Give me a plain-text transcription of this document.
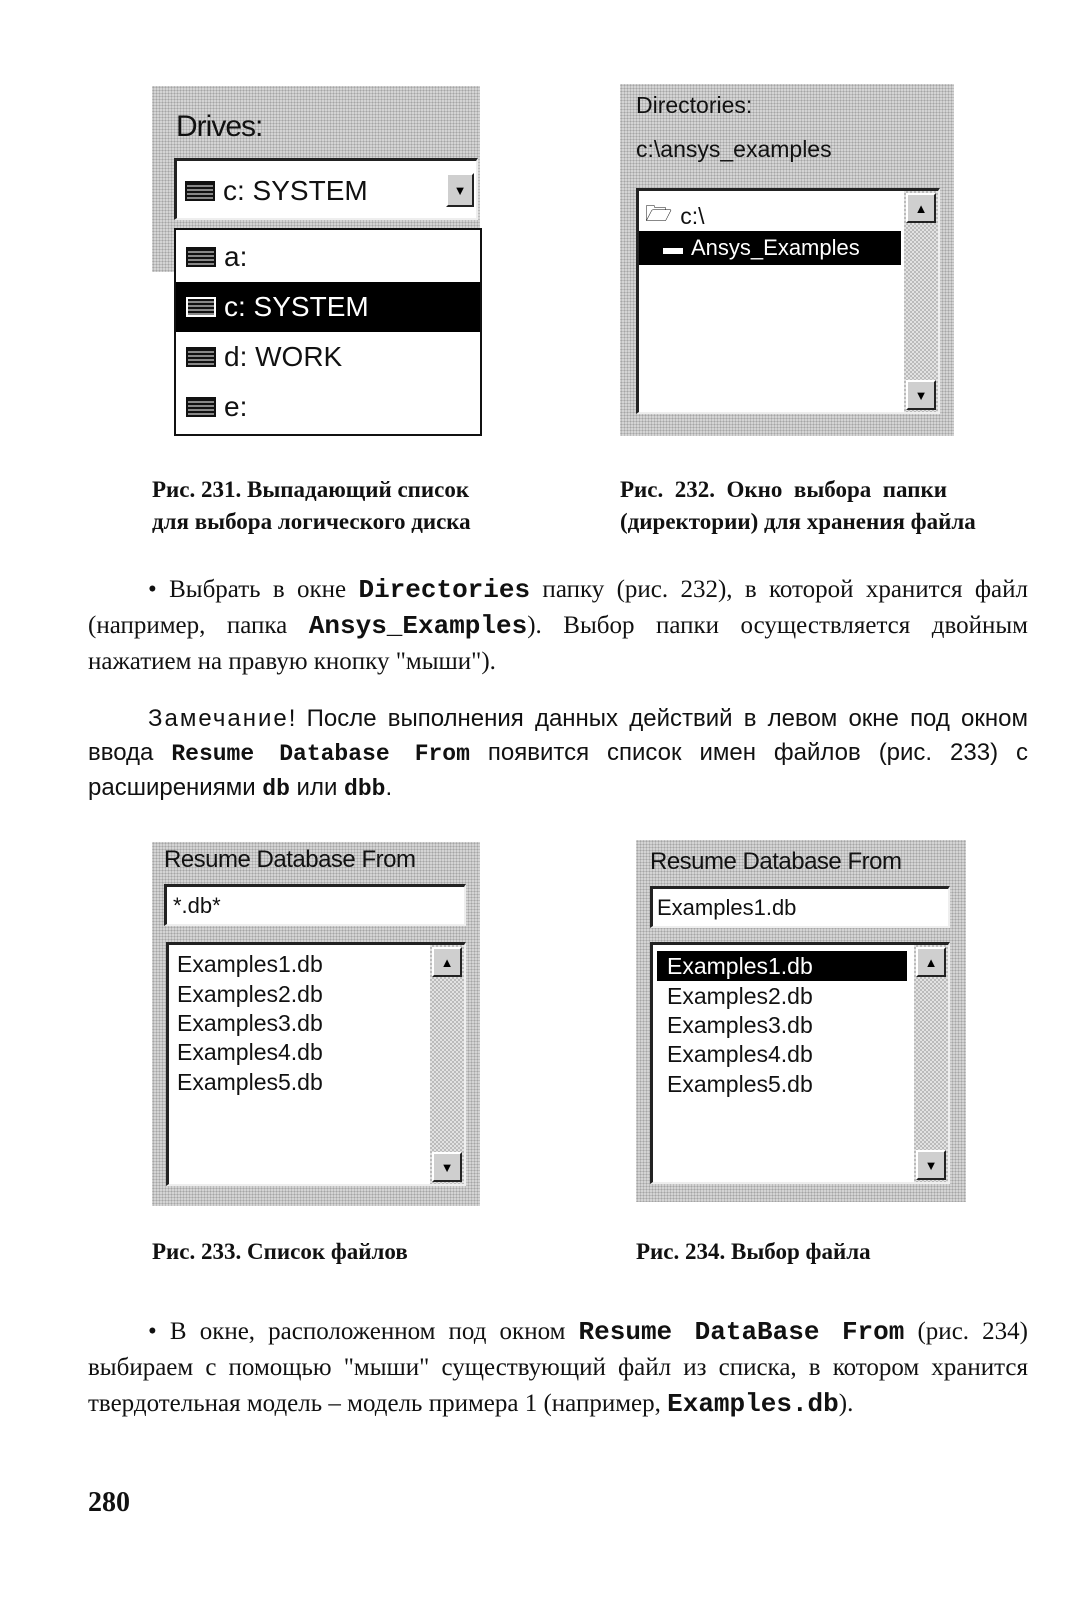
Drives:
c: SYSTEM	▼
a:
c: SYSTEM
d: WORK
e:
Рис. 231. Выпадающий список
для выбора логического диска
Directories:
c:\ansys_examples
🗁 c:\
▬ Ansys_Examples
▲
▼
Рис.  232.  Окно  выбора  папки
(директории) для хранения файла
• Выбрать в окне Directories папку (рис. 232), в которой хранится файл (например, папка Ansys_Examples). Выбор папки осуществляется двойным нажатием на правую кнопку "мыши").
Замечание! После выполнения данных действий в левом окне под окном ввода Resume Database From появится список имен файлов (рис. 233) с расширениями db или dbb.
Resume Database From
*.db*
Examples1.db
Examples2.db
Examples3.db
Examples4.db
Examples5.db
▲
▼
Рис. 233. Список файлов
Resume Database From
Examples1.db
Examples1.db
Examples2.db
Examples3.db
Examples4.db
Examples5.db
▲
▼
Рис. 234. Выбор файла
• В окне, расположенном под окном Resume DataBase From (рис. 234) выбираем с помощью "мыши" существующий файл из списка, в котором хранится твердотельная модель – модель примера 1 (например, Examples.db).
280
